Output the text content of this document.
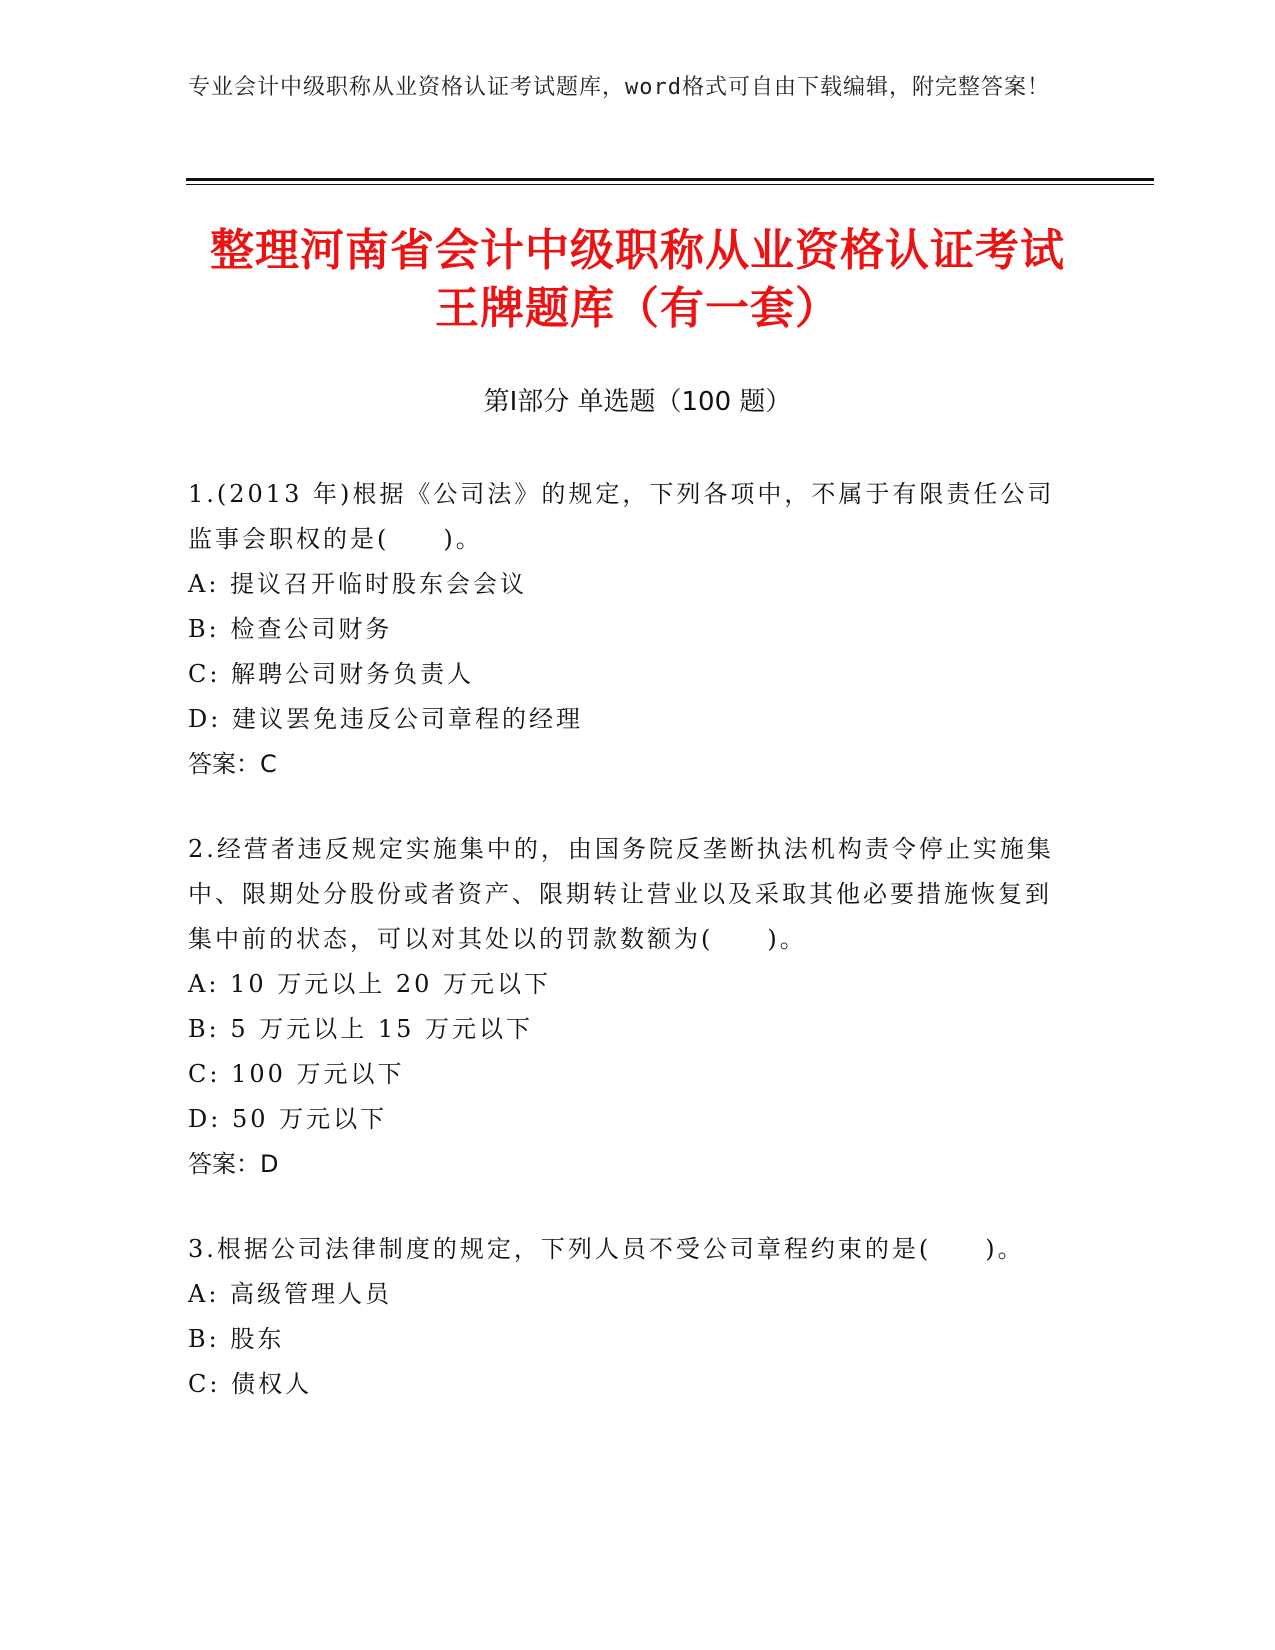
专业会计中级职称从业资格认证考试题库，word格式可自由下载编辑，附完整答案！
整理河南省会计中级职称从业资格认证考试
王牌题库（有一套）
第Ⅰ部分 单选题（100 题）

1.(2013 年)根据《公司法》的规定，下列各项中，不属于有限责任公司监事会职权的是(　　)。

A: 提议召开临时股东会会议

B: 检查公司财务

C: 解聘公司财务负责人

D: 建议罢免违反公司章程的经理

答案：C

2.经营者违反规定实施集中的，由国务院反垄断执法机构责令停止实施集中、限期处分股份或者资产、限期转让营业以及采取其他必要措施恢复到集中前的状态，可以对其处以的罚款数额为(　　)。

A: 10 万元以上 20 万元以下

B: 5 万元以上 15 万元以下

C: 100 万元以下

D: 50 万元以下

答案：D

3.根据公司法律制度的规定，下列人员不受公司章程约束的是(　　)。

A: 高级管理人员

B: 股东

C: 债权人
